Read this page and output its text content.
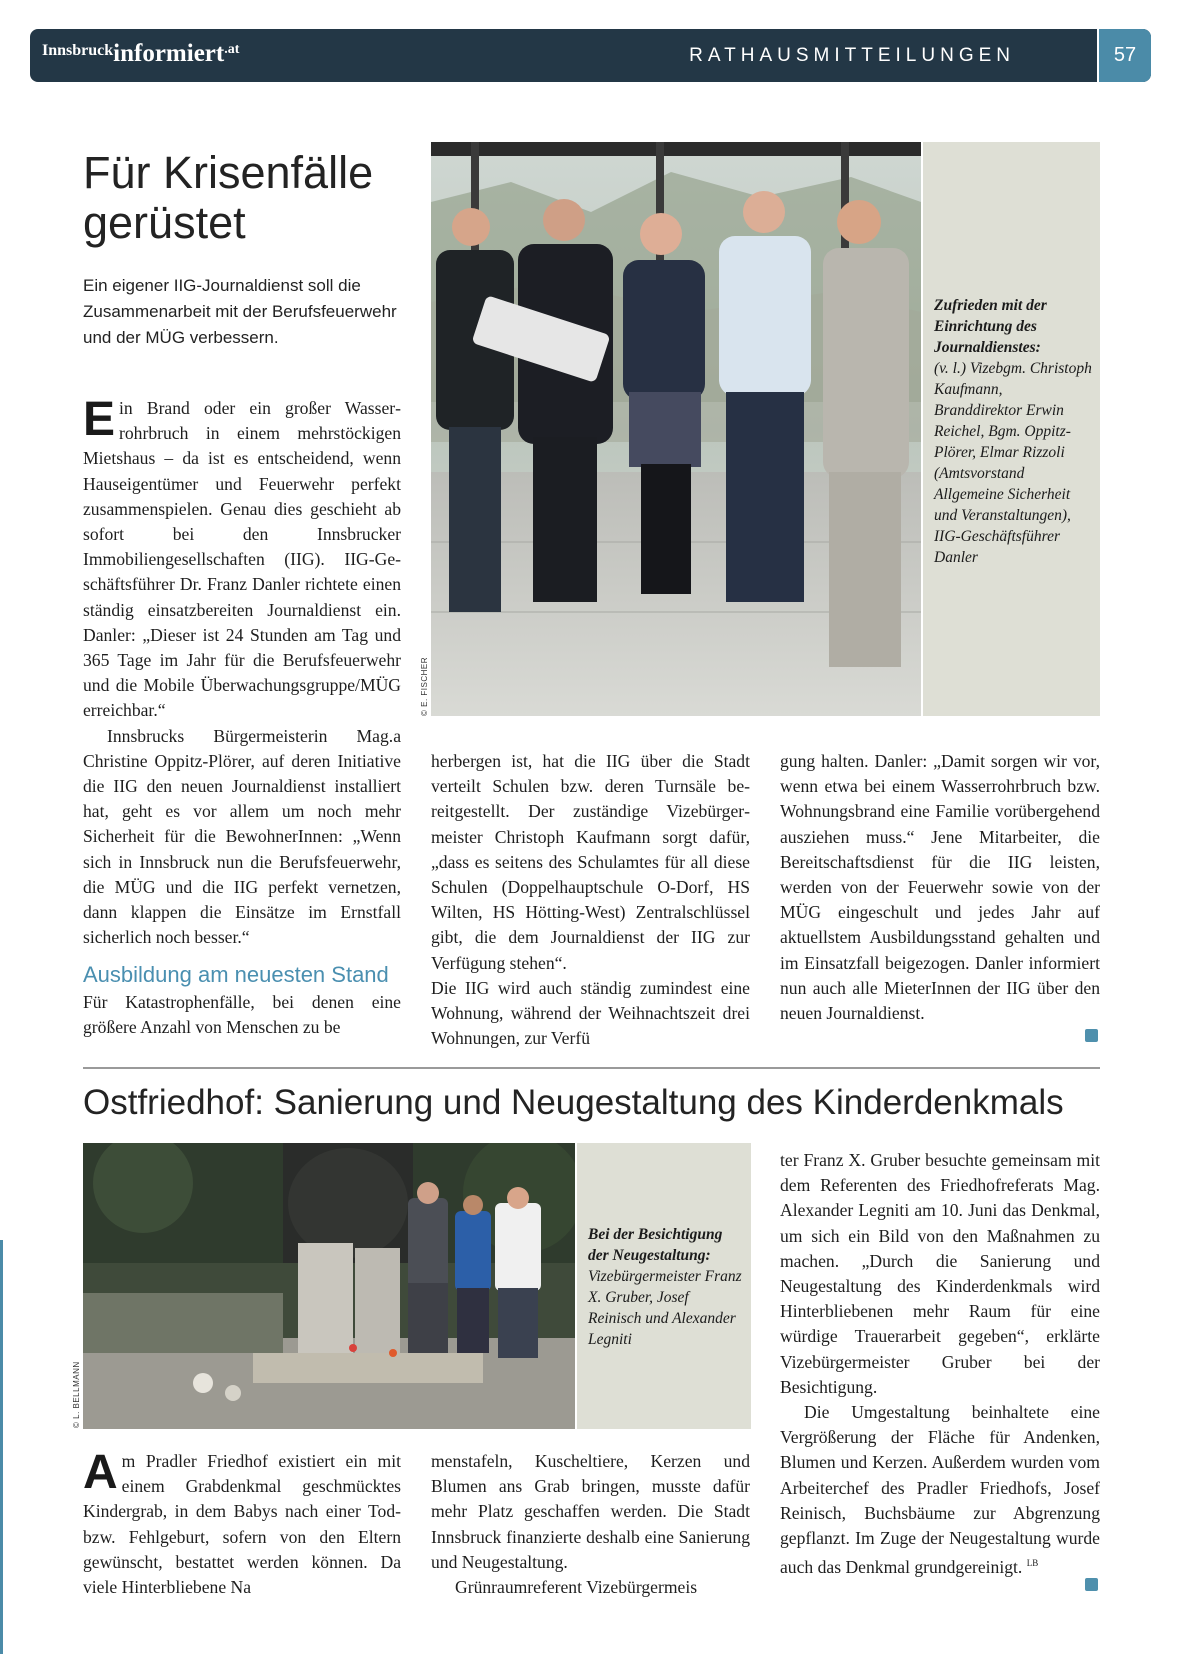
Innsbruckinformiert.at	RATHAUSMITTEILUNGEN	57
Für Krisenfälle
gerüstet
Ein eigener IIG-Journaldienst soll die Zusammenarbeit mit der Berufsfeuerwehr und der MÜG verbessern.
© E. FISCHER
Zufrieden mit der Einrichtung des Journaldienstes:
(v. l.) Vizebgm. Christoph Kaufmann, Branddirektor Erwin Reichel, Bgm. Oppitz-Plörer, Elmar Rizzoli (Amtsvorstand Allgemeine Sicherheit und Veranstaltungen), IIG-Geschäftsführer Danler

Ein Brand oder ein großer Wasserrohrbruch in einem mehrstöckigen Mietshaus – da ist es entscheidend, wenn Hauseigentümer und Feuerwehr perfekt zusammenspielen. Genau dies geschieht ab sofort bei den Innsbrucker Immobiliengesellschaften (IIG). IIG-Geschäftsführer Dr. Franz Danler richtete einen ständig einsatzbereiten Journaldienst ein. Danler: „Dieser ist 24 Stunden am Tag und 365 Tage im Jahr für die Berufsfeuerwehr und die Mobile Überwachungsgruppe/MÜG erreichbar.“

Innsbrucks Bürgermeisterin Mag.a Christine Oppitz-Plörer, auf deren Initiative die IIG den neuen Journaldienst installiert hat, geht es vor allem um noch mehr Sicherheit für die BewohnerInnen: „Wenn sich in Innsbruck nun die Berufsfeuerwehr, die MÜG und die IIG perfekt vernetzen, dann klappen die Einsätze im Ernstfall sicherlich noch besser.“

Ausbildung am neuesten Stand

Für Katastrophenfälle, bei denen eine größere Anzahl von Menschen zu be

herbergen ist, hat die IIG über die Stadt verteilt Schulen bzw. deren Turnsäle bereitgestellt. Der zuständige Vizebürgermeister Christoph Kaufmann sorgt dafür, „dass es seitens des Schulamtes für all diese Schulen (Doppelhauptschule O-Dorf, HS Wilten, HS Hötting-West) Zentralschlüssel gibt, die dem Journaldienst der IIG zur Verfügung stehen“.

Die IIG wird auch ständig zumindest eine Wohnung, während der Weihnachtszeit drei Wohnungen, zur Verfü

gung halten. Danler: „Damit sorgen wir vor, wenn etwa bei einem Wasserrohrbruch bzw. Wohnungsbrand eine Familie vorübergehend ausziehen muss.“ Jene Mitarbeiter, die Bereitschaftsdienst für die IIG leisten, werden von der Feuerwehr sowie von der MÜG eingeschult und jedes Jahr auf aktuellstem Ausbildungsstand gehalten und im Einsatzfall beigezogen. Danler informiert nun auch alle MieterInnen der IIG über den neuen Journaldienst.

Ostfriedhof: Sanierung und Neugestaltung des Kinderdenkmals
© L. BELLMANN
Bei der Besichtigung der Neugestaltung:
Vizebürgermeister Franz X. Gruber, Josef Reinisch und Alexander Legniti

Am Pradler Friedhof existiert ein mit einem Grabdenkmal geschmücktes Kindergrab, in dem Babys nach einer Tod- bzw. Fehlgeburt, sofern von den Eltern gewünscht, bestattet werden können. Da viele Hinterbliebene Na

menstafeln, Kuscheltiere, Kerzen und Blumen ans Grab bringen, musste dafür mehr Platz geschaffen werden. Die Stadt Innsbruck finanzierte deshalb eine Sanierung und Neugestaltung.

Grünraumreferent Vizebürgermeis

ter Franz X. Gruber besuchte gemeinsam mit dem Referenten des Friedhofreferats Mag. Alexander Legniti am 10. Juni das Denkmal, um sich ein Bild von den Maßnahmen zu machen. „Durch die Sanierung und Neugestaltung des Kinderdenkmals wird Hinterbliebenen mehr Raum für eine würdige Trauerarbeit gegeben“, erklärte Vizebürgermeister Gruber bei der Besichtigung.

Die Umgestaltung beinhaltete eine Vergrößerung der Fläche für Andenken, Blumen und Kerzen. Außerdem wurden vom Arbeiterchef des Pradler Friedhofs, Josef Reinisch, Buchsbäume zur Abgrenzung gepflanzt. Im Zuge der Neugestaltung wurde auch das Denkmal grundgereinigt. $^{LB}$
